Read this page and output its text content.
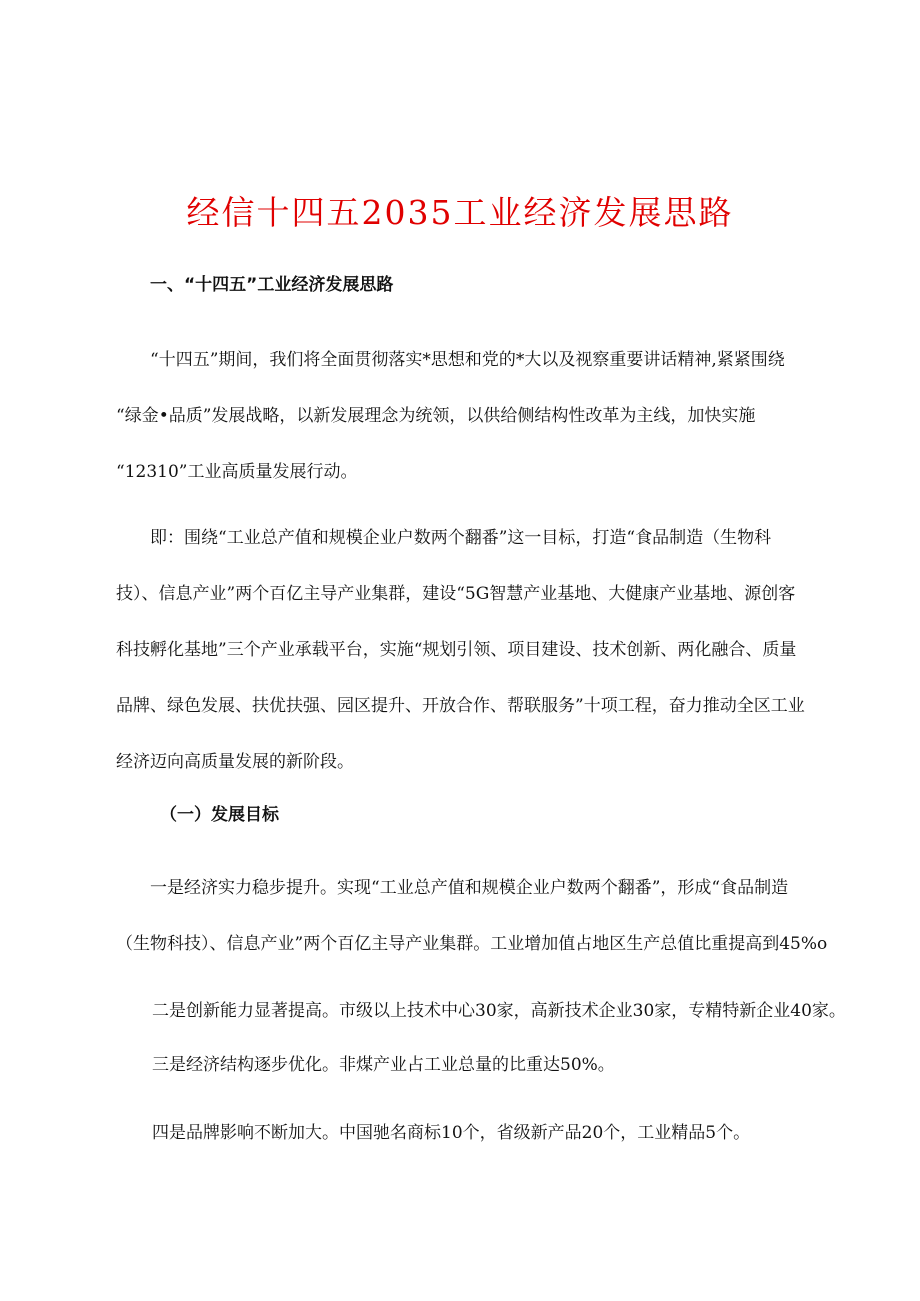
经信十四五2035工业经济发展思路
一、“十四五”工业经济发展思路
“十四五”期间，我们将全面贯彻落实*思想和党的*大以及视察重要讲话精神,紧紧围绕
“绿金•品质”发展战略，以新发展理念为统领，以供给侧结构性改革为主线，加快实施
“12310”工业高质量发展行动。
即：围绕“工业总产值和规模企业户数两个翻番”这一目标，打造“食品制造（生物科
技）、信息产业”两个百亿主导产业集群，建设“5G智慧产业基地、大健康产业基地、源创客
科技孵化基地”三个产业承载平台，实施“规划引领、项目建设、技术创新、两化融合、质量
品牌、绿色发展、扶优扶强、园区提升、开放合作、帮联服务”十项工程，奋力推动全区工业
经济迈向高质量发展的新阶段。
（一）发展目标
一是经济实力稳步提升。实现“工业总产值和规模企业户数两个翻番”，形成“食品制造
（生物科技）、信息产业”两个百亿主导产业集群。工业增加值占地区生产总值比重提高到45%o
二是创新能力显著提高。市级以上技术中心30家，高新技术企业30家，专精特新企业40家。
三是经济结构逐步优化。非煤产业占工业总量的比重达50%。
四是品牌影响不断加大。中国驰名商标10个，省级新产品20个，工业精品5个。
